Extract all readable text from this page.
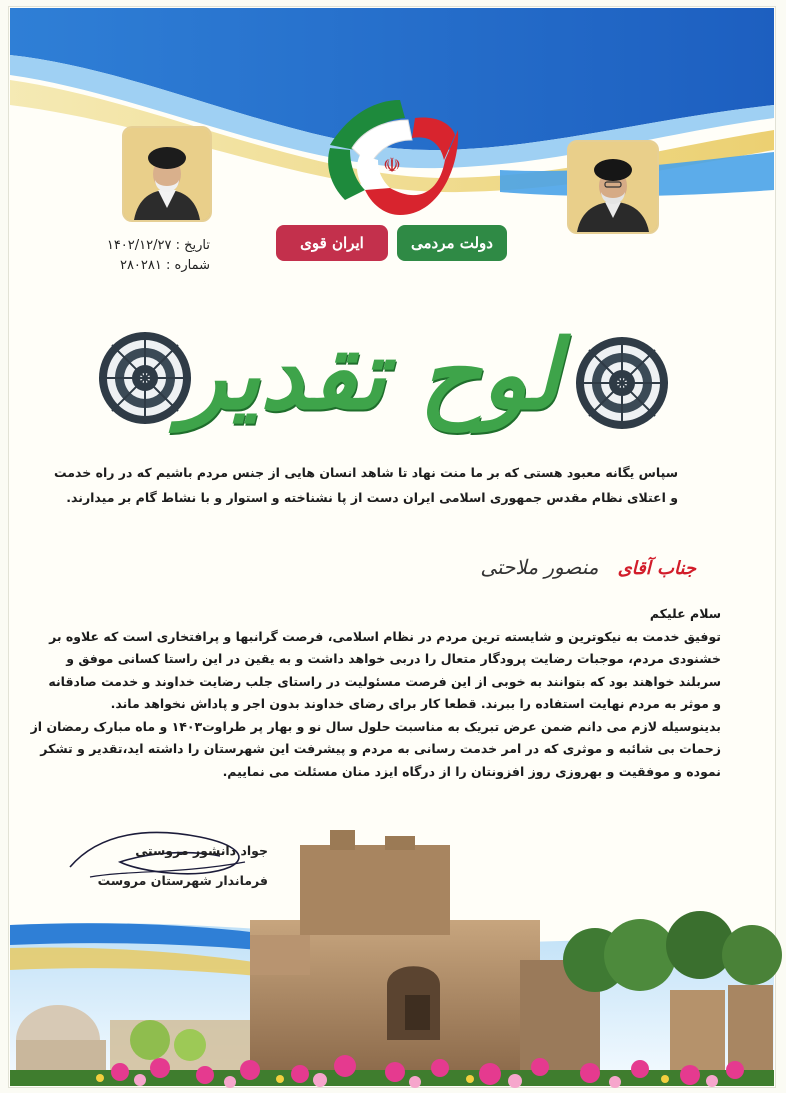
☫
تاریخ : ۱۴۰۲/۱۲/۲۷
شماره : ۲۸۰۲۸۱
ایران قوی	دولت مردمی
لوح تقدیر
سپاس یگانه معبود هستی که بر ما منت نهاد تا شاهد انسان هایی از جنس مردم باشیم که در راه خدمت
و اعتلای نظام مقدس جمهوری اسلامی ایران دست از پا نشناخته و استوار و با نشاط گام بر میدارند.
جناب آقای منصور ملاحتی
سلام علیکم
توفیق خدمت به نیکوترین و شایسته ترین مردم در نظام اسلامی، فرصت گرانبها و پرافتخاری است که علاوه بر
خشنودی مردم، موجبات رضایت پرودگار متعال را دربی خواهد داشت و به یقین در این راستا کسانی موفق و
سربلند خواهند بود که بتوانند به خوبی از این فرصت مسئولیت در راستای جلب رضایت خداوند و خدمت صادقانه
و موثر به مردم نهایت استفاده را ببرند. قطعا کار برای رضای خداوند بدون اجر و پاداش نخواهد ماند.
بدینوسیله لازم می دانم ضمن عرض تبریک به مناسبت حلول سال نو و بهار پر طراوت۱۴۰۳ و ماه مبارک رمضان از
زحمات بی شائبه و موثری که در امر خدمت رسانی به مردم و پیشرفت این شهرستان را داشته اید،تقدیر و تشکر
نموده و موفقیت و بهروزی روز افزونتان را از درگاه ایزد منان مسئلت می نماییم.
جواد دانشور مروستی
فرماندار شهرستان مروست
